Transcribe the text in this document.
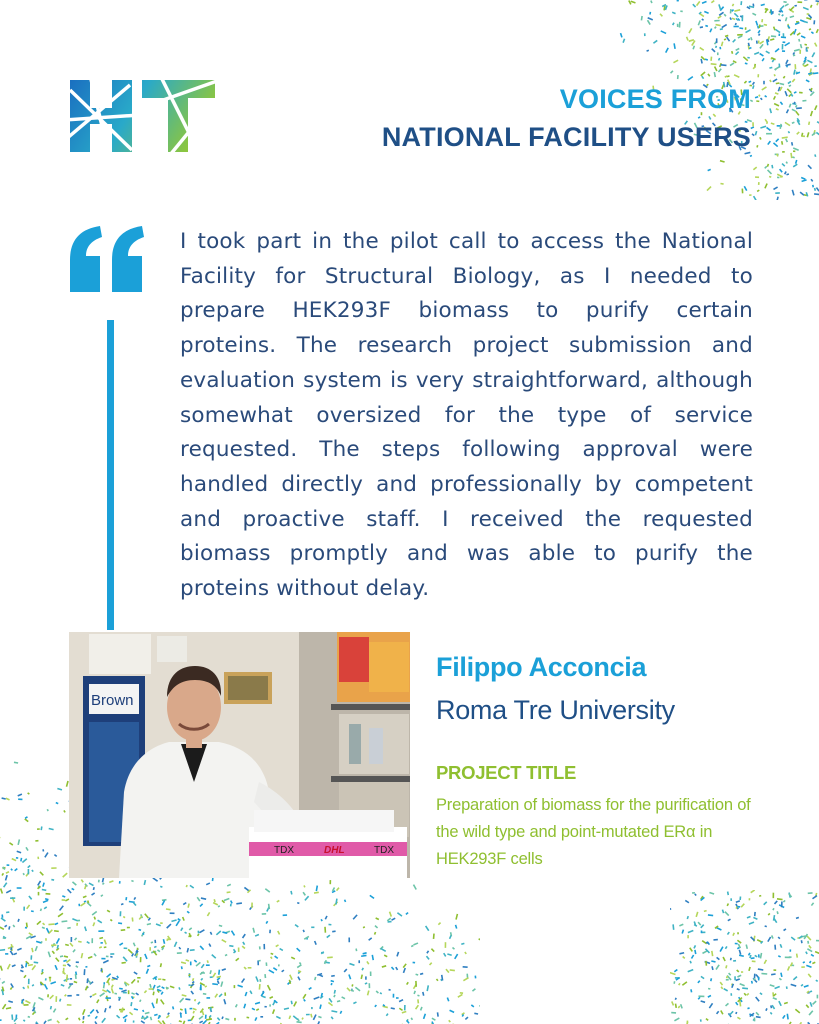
VOICES FROM
NATIONAL FACILITY USERS
I took part in the pilot call to access the National Facility for Structural Biology, as I needed to prepare HEK293F biomass to purify certain proteins. The research project submission and evaluation system is very straightforward, although somewhat oversized for the type of service requested. The steps following approval were handled directly and professionally by competent and proactive staff. I received the requested biomass promptly and was able to purify the proteins without delay.
Brown
TDX	DHL	TDX
Filippo Acconcia
Roma Tre University
PROJECT TITLE
Preparation of biomass for the purification of the wild type and point-mutated ERα in HEK293F cells
